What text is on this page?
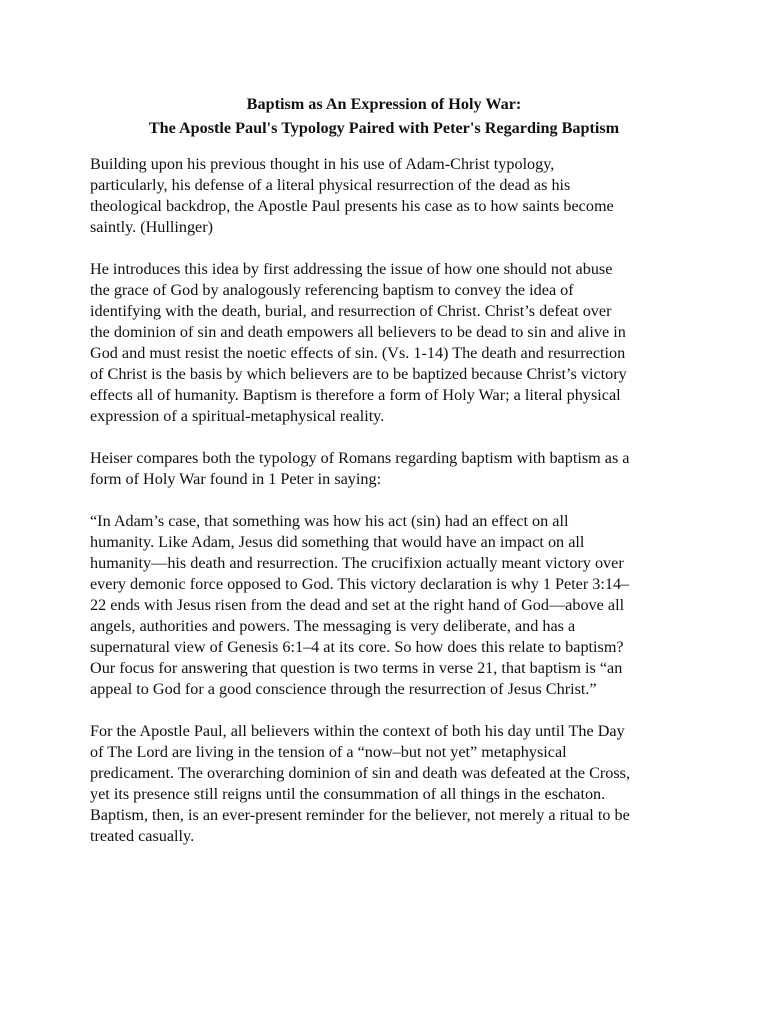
Baptism as An Expression of Holy War:
The Apostle Paul's Typology Paired with Peter's Regarding Baptism

Building upon his previous thought in his use of Adam-Christ typology,
particularly, his defense of a literal physical resurrection of the dead as his
theological backdrop, the Apostle Paul presents his case as to how saints become
saintly. (Hullinger)

He introduces this idea by first addressing the issue of how one should not abuse
the grace of God by analogously referencing baptism to convey the idea of
identifying with the death, burial, and resurrection of Christ. Christ’s defeat over
the dominion of sin and death empowers all believers to be dead to sin and alive in
God and must resist the noetic effects of sin. (Vs. 1-14) The death and resurrection
of Christ is the basis by which believers are to be baptized because Christ’s victory
effects all of humanity. Baptism is therefore a form of Holy War; a literal physical
expression of a spiritual-metaphysical reality.

Heiser compares both the typology of Romans regarding baptism with baptism as a
form of Holy War found in 1 Peter in saying:

“In Adam’s case, that something was how his act (sin) had an effect on all
humanity. Like Adam, Jesus did something that would have an impact on all
humanity—his death and resurrection. The crucifixion actually meant victory over
every demonic force opposed to God. This victory declaration is why 1 Peter 3:14–
22 ends with Jesus risen from the dead and set at the right hand of God—above all
angels, authorities and powers. The messaging is very deliberate, and has a
supernatural view of Genesis 6:1–4 at its core. So how does this relate to baptism?
Our focus for answering that question is two terms in verse 21, that baptism is “an
appeal to God for a good conscience through the resurrection of Jesus Christ.”

For the Apostle Paul, all believers within the context of both his day until The Day
of The Lord are living in the tension of a “now–but not yet” metaphysical
predicament. The overarching dominion of sin and death was defeated at the Cross,
yet its presence still reigns until the consummation of all things in the eschaton.
Baptism, then, is an ever-present reminder for the believer, not merely a ritual to be
treated casually.
